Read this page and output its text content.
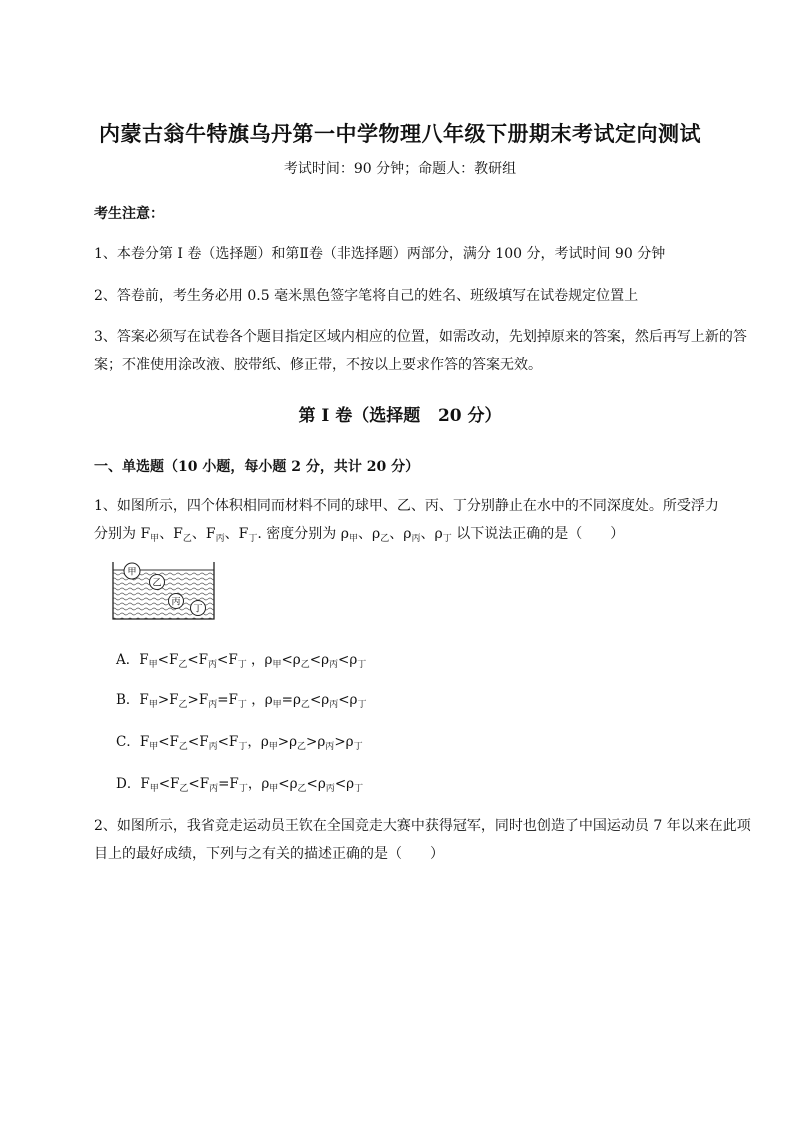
内蒙古翁牛特旗乌丹第一中学物理八年级下册期末考试定向测试
考试时间：90 分钟；命题人：教研组
考生注意：
1、本卷分第 I 卷（选择题）和第Ⅱ卷（非选择题）两部分，满分 100 分，考试时间 90 分钟
2、答卷前，考生务必用 0.5 毫米黑色签字笔将自己的姓名、班级填写在试卷规定位置上
3、答案必须写在试卷各个题目指定区域内相应的位置，如需改动，先划掉原来的答案，然后再写上新的答案；不准使用涂改液、胶带纸、修正带，不按以上要求作答的答案无效。
第 I 卷（选择题   20 分）
一、单选题（10 小题，每小题 2 分，共计 20 分）
1、如图所示，四个体积相同而材料不同的球甲、乙、丙、丁分别静止在水中的不同深度处。所受浮力
分别为 $F_甲$、$F_乙$、$F_丙$、$F_丁$. 密度分别为 $\rho_甲$、$\rho_乙$、$\rho_丙$、$\rho_丁$ 以下说法正确的是（　　）
甲
乙
丙
丁
A．$F_甲<F_乙<F_丙<F_丁$ ，$\rho_甲<\rho_乙<\rho_丙<\rho_丁$
B．$F_甲>F_乙>F_丙=F_丁$ ，$\rho_甲=\rho_乙<\rho_丙<\rho_丁$
C．$F_甲<F_乙<F_丙<F_丁$，$\rho_甲>\rho_乙>\rho_丙>\rho_丁$
D．$F_甲<F_乙<F_丙=F_丁$，$\rho_甲<\rho_乙<\rho_丙<\rho_丁$
2、如图所示，我省竞走运动员王钦在全国竞走大赛中获得冠军，同时也创造了中国运动员 7 年以来在此项目上的最好成绩，下列与之有关的描述正确的是（　　）
